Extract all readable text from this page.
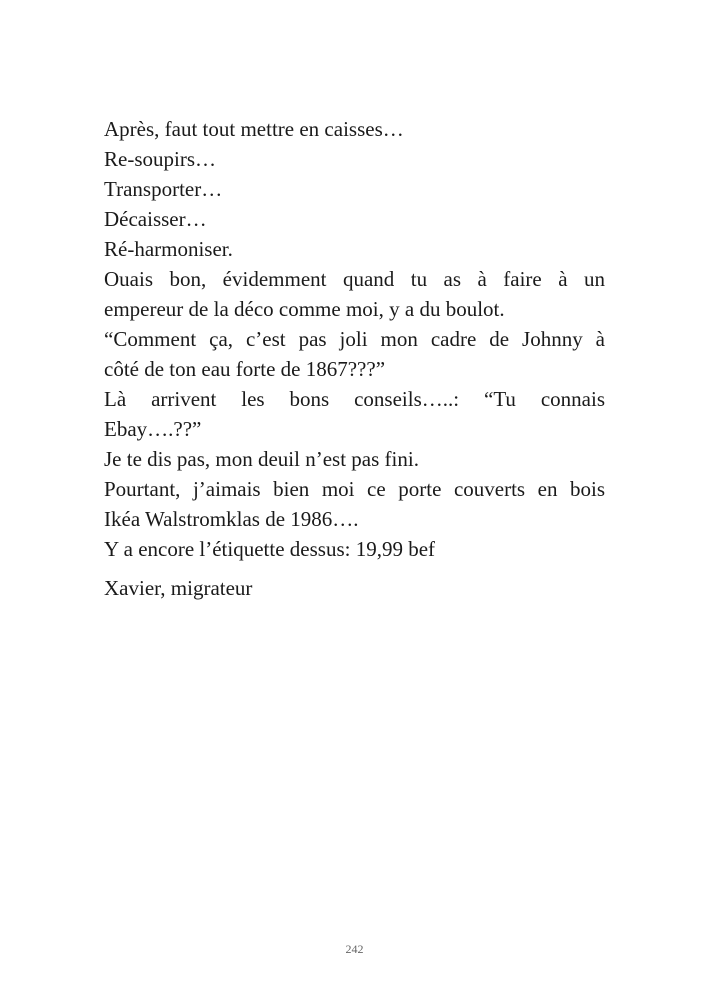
Après, faut tout mettre en caisses…
Re-soupirs…
Transporter…
Décaisser…
Ré-harmoniser.
Ouais bon, évidemment quand tu as à faire à un
empereur de la déco comme moi, y a du boulot.
“Comment ça, c’est pas joli mon cadre de Johnny à
côté de ton eau forte de 1867???”
Là arrivent les bons conseils…..: “Tu connais
Ebay….??”
Je te dis pas, mon deuil n’est pas fini.
Pourtant, j’aimais bien moi ce porte couverts en bois
Ikéa Walstromklas de 1986….
Y a encore l’étiquette dessus: 19,99 bef
Xavier, migrateur
242
